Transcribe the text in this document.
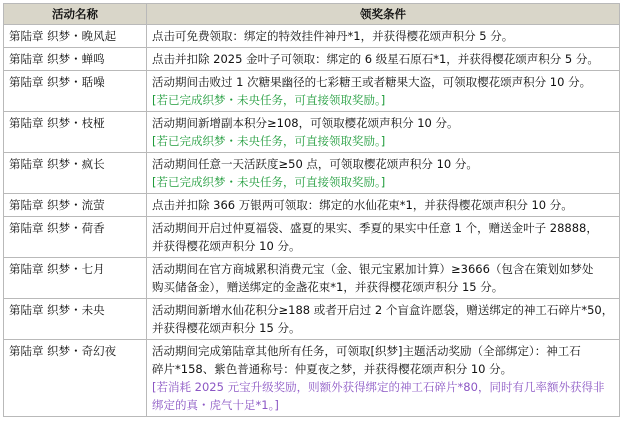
活动名称	领奖条件
第陆章 织梦・晚风起	点击可免费领取：绑定的特效挂件神丹*1，并获得樱花颂声积分 5 分。

第陆章 织梦・蝉鸣	点击并扣除 2025 金叶子可领取：绑定的 6 级星石原石*1，并获得樱花颂声积分 5 分。

第陆章 织梦・聒噪	活动期间击败过 1 次糖果幽径的七彩糖王或者糖果大盗，可领取樱花颂声积分 10 分。
[若已完成织梦・未央任务，可直接领取奖励。]

第陆章 织梦・枝桠	活动期间新增副本积分≥108，可领取樱花颂声积分 10 分。
[若已完成织梦・未央任务，可直接领取奖励。]

第陆章 织梦・疯长	活动期间任意一天活跃度≥50 点，可领取樱花颂声积分 10 分。
[若已完成织梦・未央任务，可直接领取奖励。]

第陆章 织梦・流萤	点击并扣除 366 万银两可领取：绑定的水仙花束*1，并获得樱花颂声积分 10 分。

第陆章 织梦・荷香	活动期间开启过仲夏福袋、盛夏的果实、季夏的果实中任意 1 个，赠送金叶子 28888，
并获得樱花颂声积分 10 分。

第陆章 织梦・七月	活动期间在官方商城累积消费元宝（金、银元宝累加计算）≥3666（包含在策划如梦处
购买储备金），赠送绑定的金盏花束*1，并获得樱花颂声积分 15 分。

第陆章 织梦・未央	活动期间新增水仙花积分≥188 或者开启过 2 个盲盒许愿袋，赠送绑定的神工石碎片*50，
并获得樱花颂声积分 15 分。

第陆章 织梦・奇幻夜	活动期间完成第陆章其他所有任务，可领取[织梦]主题活动奖励（全部绑定）：神工石
碎片*158、紫色普通称号：仲夏夜之梦，并获得樱花颂声积分 10 分。
[若消耗 2025 元宝升级奖励，则额外获得绑定的神工石碎片*80，同时有几率额外获得非
绑定的真・虎气十足*1。]
